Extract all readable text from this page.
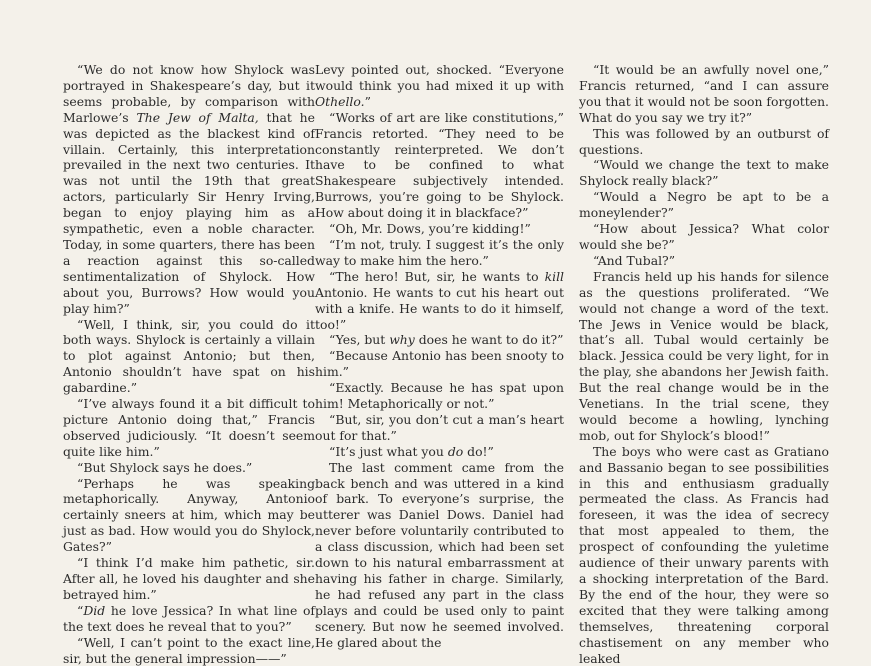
“We do not know how Shylock was portrayed in Shakespeare’s day, but it seems probable, by comparison with Marlowe’s The Jew of Malta, that he was depicted as the blackest kind of villain. Certainly, this interpretation prevailed in the next two centuries. It was not until the 19th that great actors, particularly Sir Henry Irving, began to enjoy playing him as a sympathetic, even a noble character. Today, in some quarters, there has been a reaction against this so-called sentimentalization of Shylock. How about you, Burrows? How would you play him?”

“Well, I think, sir, you could do it both ways. Shylock is certainly a villain to plot against Antonio; but then, Antonio shouldn’t have spat on his gabardine.”

“I’ve always found it a bit difficult to picture Antonio doing that,” Francis observed judiciously. “It doesn’t seem quite like him.”

“But Shylock says he does.”

“Perhaps he was speaking metaphorically. Anyway, Antonio certainly sneers at him, which may be just as bad. How would you do Shylock, Gates?”

“I think I’d make him pathetic, sir. After all, he loved his daughter and she betrayed him.”

“Did he love Jessica? In what line of the text does he reveal that to you?”

“Well, I can’t point to the exact line, sir, but the general impression——”

Levy pointed out, shocked. “Everyone would think you had mixed it up with Othello.”

“Works of art are like constitutions,” Francis retorted. “They need to be constantly reinterpreted. We don’t have to be confined to what Shakespeare subjectively intended. Burrows, you’re going to be Shylock. How about doing it in blackface?”

“Oh, Mr. Dows, you’re kidding!”

“I’m not, truly. I suggest it’s the only way to make him the hero.”

“The hero! But, sir, he wants to kill Antonio. He wants to cut his heart out with a knife. He wants to do it himself, too!”

“Yes, but why does he want to do it?”

“Because Antonio has been snooty to him.”

“Exactly. Because he has spat upon him! Metaphorically or not.”

“But, sir, you don’t cut a man’s heart out for that.”

“It’s just what you do do!”

The last comment came from the back bench and was uttered in a kind of bark. To everyone’s surprise, the utterer was Daniel Dows. Daniel had never before voluntarily contributed to a class discussion, which had been set down to his natural embarrassment at having his father in charge. Similarly, he had refused any part in the class plays and could be used only to paint scenery. But now he seemed involved. He glared about the

“It would be an awfully novel one,” Francis returned, “and I can assure you that it would not be soon forgotten. What do you say we try it?”

This was followed by an outburst of questions.

“Would we change the text to make Shylock really black?”

“Would a Negro be apt to be a moneylender?”

“How about Jessica? What color would she be?”

“And Tubal?”

Francis held up his hands for silence as the questions proliferated. “We would not change a word of the text. The Jews in Venice would be black, that’s all. Tubal would certainly be black. Jessica could be very light, for in the play, she abandons her Jewish faith. But the real change would be in the Venetians. In the trial scene, they would become a howling, lynching mob, out for Shylock’s blood!”

The boys who were cast as Gratiano and Bassanio began to see possibilities in this and enthusiasm gradually permeated the class. As Francis had foreseen, it was the idea of secrecy that most appealed to them, the prospect of confounding the yuletime audience of their unwary parents with a shocking interpretation of the Bard. By the end of the hour, they were so excited that they were talking among themselves, threatening corporal chastisement on any member who leaked
